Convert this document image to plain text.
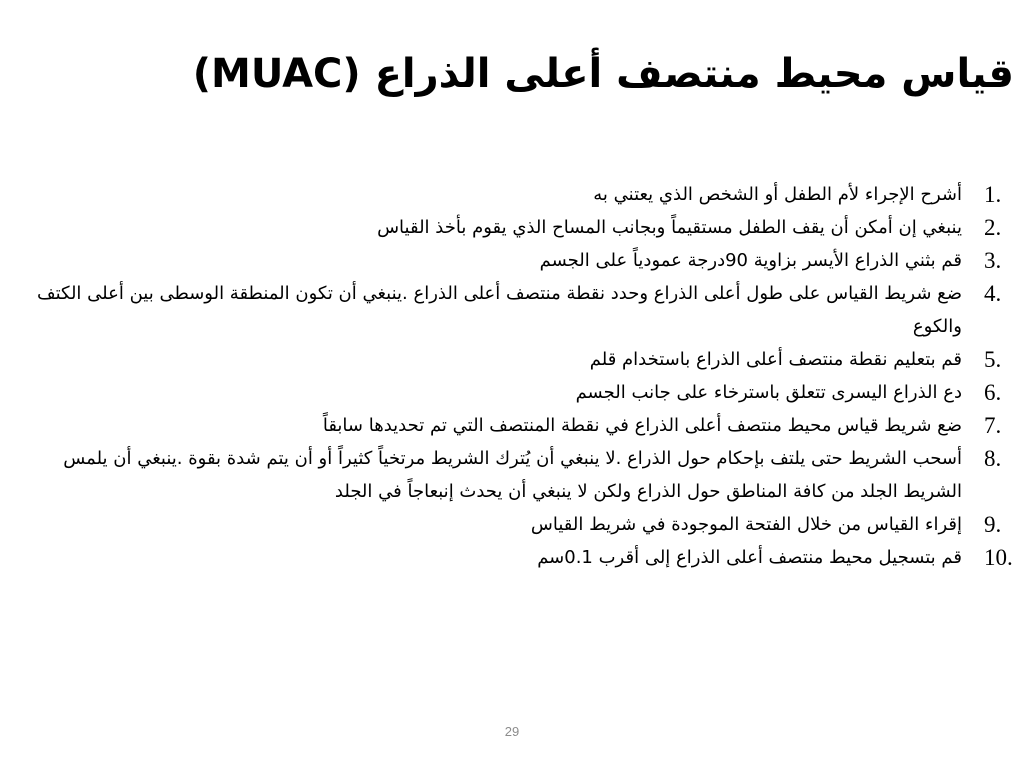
قياس محيط منتصف أعلى الذراع (MUAC)
1.
أشرح الإجراء لأم الطفل أو الشخص الذي يعتني به
2.
ينبغي إن أمكن أن يقف الطفل مستقيماً وبجانب المساح الذي يقوم بأخذ القياس
3.
قم بثني الذراع الأيسر بزاوية 90درجة عمودياً على الجسم
4.
ضع شريط القياس على طول أعلى الذراع وحدد نقطة منتصف أعلى الذراع .ينبغي أن تكون المنطقة الوسطى بين أعلى الكتف والكوع
5.
قم بتعليم نقطة منتصف أعلى الذراع باستخدام قلم
6.
دع الذراع اليسرى تتعلق باسترخاء على جانب الجسم
7.
ضع شريط قياس محيط منتصف أعلى الذراع في نقطة المنتصف التي تم تحديدها سابقاً
8.
أسحب الشريط حتى يلتف بإحكام حول الذراع .لا ينبغي أن يُترك الشريط مرتخياً كثيراً أو أن يتم شدة بقوة .ينبغي أن يلمس الشريط الجلد من كافة المناطق حول الذراع ولكن لا ينبغي أن يحدث إنبعاجاً في الجلد
9.
إقراء القياس من خلال الفتحة الموجودة في شريط القياس
10.
قم بتسجيل محيط منتصف أعلى الذراع إلى أقرب 0.1سم
29
